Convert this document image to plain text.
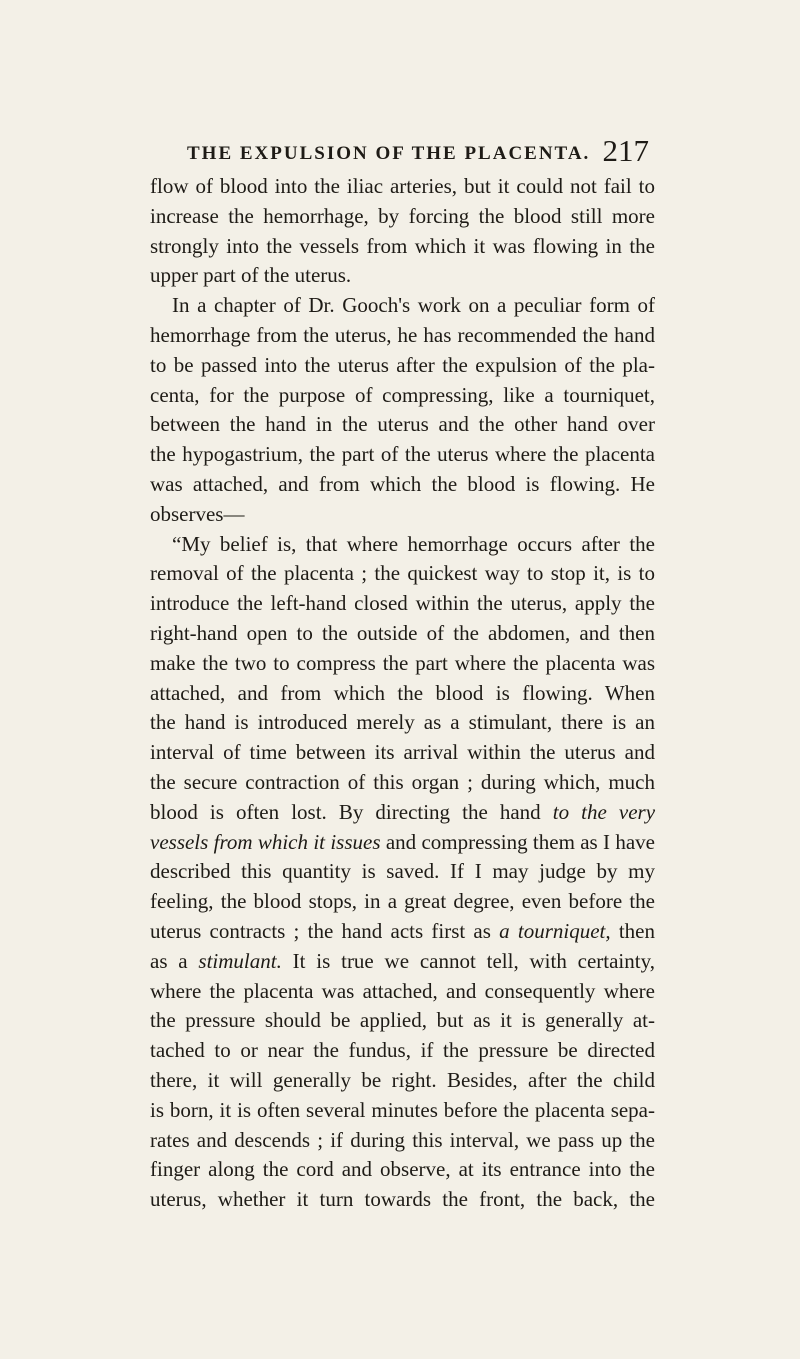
THE EXPULSION OF THE PLACENTA. 217
flow of blood into the iliac arteries, but it could not fail to
increase the hemorrhage, by forcing the blood still more
strongly into the vessels from which it was flowing in the
upper part of the uterus.
In a chapter of Dr. Gooch's work on a peculiar form of
hemorrhage from the uterus, he has recommended the hand
to be passed into the uterus after the expulsion of the pla-
centa, for the purpose of compressing, like a tourniquet,
between the hand in the uterus and the other hand over
the hypogastrium, the part of the uterus where the placenta
was attached, and from which the blood is flowing. He
observes—
“My belief is, that where hemorrhage occurs after the
removal of the placenta ; the quickest way to stop it, is to
introduce the left-hand closed within the uterus, apply the
right-hand open to the outside of the abdomen, and then
make the two to compress the part where the placenta was
attached, and from which the blood is flowing. When
the hand is introduced merely as a stimulant, there is an
interval of time between its arrival within the uterus and
the secure contraction of this organ ; during which, much
blood is often lost. By directing the hand to the very
vessels from which it issues and compressing them as I have
described this quantity is saved. If I may judge by my
feeling, the blood stops, in a great degree, even before the
uterus contracts ; the hand acts first as a tourniquet, then
as a stimulant. It is true we cannot tell, with certainty,
where the placenta was attached, and consequently where
the pressure should be applied, but as it is generally at-
tached to or near the fundus, if the pressure be directed
there, it will generally be right. Besides, after the child
is born, it is often several minutes before the placenta sepa-
rates and descends ; if during this interval, we pass up the
finger along the cord and observe, at its entrance into the
uterus, whether it turn towards the front, the back, the
